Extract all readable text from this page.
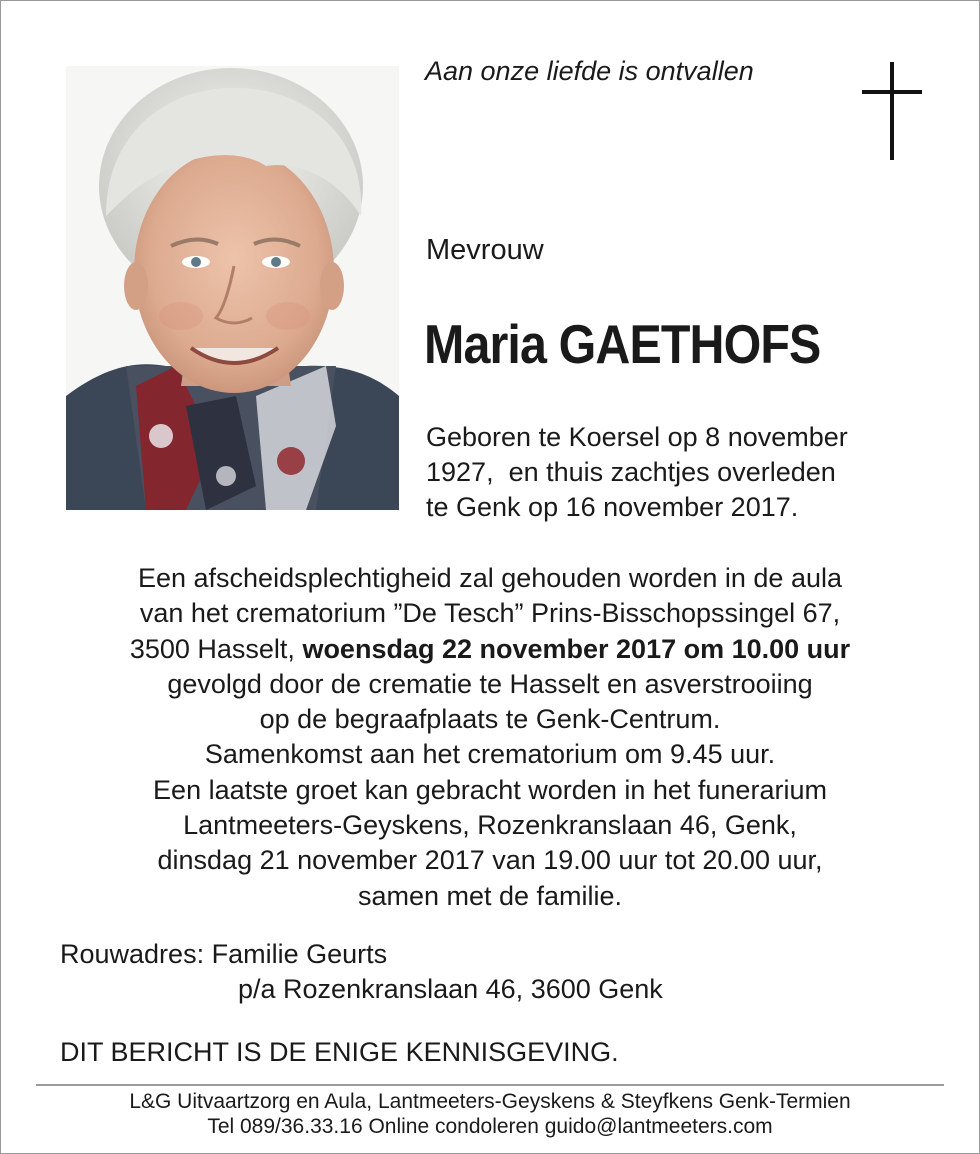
Aan onze liefde is ontvallen
Mevrouw
Maria GAETHOFS
Geboren te Koersel op 8 november
1927,  en thuis zachtjes overleden
te Genk op 16 november 2017.
Een afscheidsplechtigheid zal gehouden worden in de aula
van het crematorium ”De Tesch” Prins-Bisschopssingel 67,
3500 Hasselt, woensdag 22 november 2017 om 10.00 uur
gevolgd door de crematie te Hasselt en asverstrooiing
op de begraafplaats te Genk-Centrum.
Samenkomst aan het crematorium om 9.45 uur.
Een laatste groet kan gebracht worden in het funerarium
Lantmeeters-Geyskens, Rozenkranslaan 46, Genk,
dinsdag 21 november 2017 van 19.00 uur tot 20.00 uur,
samen met de familie.
Rouwadres: Familie Geurts
p/a Rozenkranslaan 46, 3600 Genk
DIT BERICHT IS DE ENIGE KENNISGEVING.
L&G Uitvaartzorg en Aula, Lantmeeters-Geyskens & Steyfkens Genk-Termien
Tel 089/36.33.16 Online condoleren guido@lantmeeters.com
